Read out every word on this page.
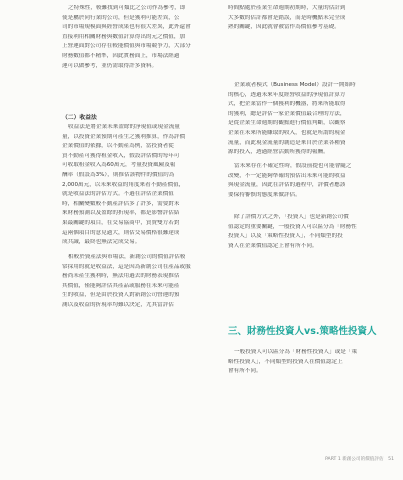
之特殊性，較難找到可類比之公司作為參考，即
使是屬於同行業的公司，但是獲利可能差異，公
司的市場規模面與經營成果也有很大差異，此外還會
直接利用相關財務與數值計算得出的元之價值，加
上營運面對公司存在較能價值與市場競爭力，大部分
財務數值都不精準，因此實務面上，市場法經過
運可以做參考，並仍需取得許多資料。
（二）收益法
收益法是將企業未來盈餘的淨現值或現金流量
量，以投資企業預期可產生之獲利推算，作為評價
企業價值的依據，以不動產為例，當投資者從
買不動產可獲得租金收入，假設評估價的每年可
可收取租金收入為60萬元，考量投資風險及報
酬率（假設為3%），則推估該物件的價值約為
2,000萬元，以未來收益的角度來看不動產價值，
就是收益法的評估方式。不過在評估企業價值
時，相關變數較不動產評估多了許多，需要對未
來財務預測以及盈餘的折現率，都是影響評估結
果最關鍵的項目，在交易協商中，買賣雙方若對
這兩個項目的意見過大，則估交易價格很難達成
成共識，最終也無法完成交易。
相較於資產法與市場法，新創公司的價值評估較
常採用的就是收益法，這是因為新創公司在產品或服
務尚未產生獲利時，無法用過去的財務表現推估
其價值，僅能夠評估其產品或服務在未來可能產
生的收益，但是由於投資人對新創公司營運的預
測以及收益的折現率均難以決定，尤其當評估
時間點處於產業生命週期初期時，大量的估計到
大多數的估計都會是錯誤，而是時機點未完全成
熟的關鍵，因此就會被當作為價值參考基礎。
企業或者模式（Business Model）設計一開始時
的核心，透過未來年度經營收益的淨現值計算方
式，把企業當作一個獲利的機器，將來所能取得
的獲利，總是評估一家企業價值最合理的方法，
是從企業生命週期的觀點進行價值判斷，以觀察
企業在未來所能賺取的收入，也就是所謂的現金
流量，而此現金流量的創造是來自於企業各種資
源的投入，透過經營活動所獲得的報酬。
當未來存在不確定性時，假設前提也可能會隨之
改變，不一定能夠準確的預估出未來可能的收益
與現金流量，因此在評估的過程中，評價者應該
要保持審慎的態度來做評估。
除了評價方式之外，「投資人」也是新創公司價
值認定的重要關鍵，一般投資人可以區分為「財務性
投資人」以及「策略性投資人」，不同類型的投
資人在企業價值認定上會有所不同。
一般投資人可以區分為「財務性投資人」或是「策
略性投資人」，不同類型的投資人在價值認定上
會有所不同。
三、財務性投資人vs.策略性投資人
PART 1 新創公司的價值評估　51
